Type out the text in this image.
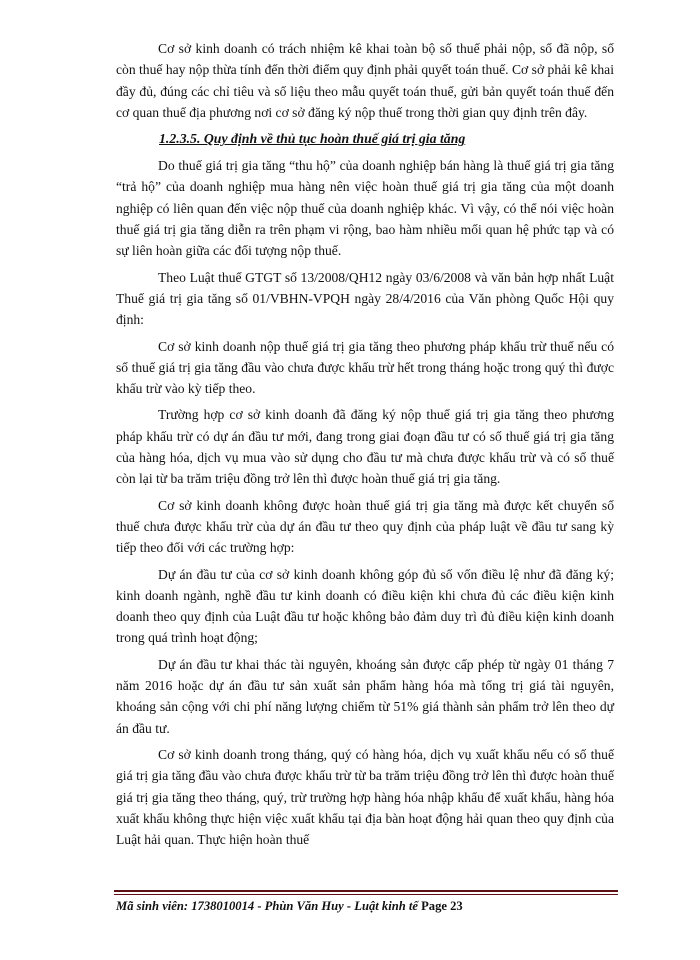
Cơ sở kinh doanh có trách nhiệm kê khai toàn bộ số thuế phải nộp, số đã nộp, số còn thuế hay nộp thừa tính đến thời điểm quy định phải quyết toán thuế. Cơ sở phải kê khai đầy đủ, đúng các chỉ tiêu và số liệu theo mẫu quyết toán thuế, gửi bản quyết toán thuế đến cơ quan thuế địa phương nơi cơ sở đăng ký nộp thuế trong thời gian quy định trên đây.

1.2.3.5. Quy định về thủ tục hoàn thuế giá trị gia tăng

Do thuế giá trị gia tăng “thu hộ” của doanh nghiệp bán hàng là thuế giá trị gia tăng “trả hộ” của doanh nghiệp mua hàng nên việc hoàn thuế giá trị gia tăng của một doanh nghiệp có liên quan đến việc nộp thuế của doanh nghiệp khác. Vì vậy, có thể nói việc hoàn thuế giá trị gia tăng diễn ra trên phạm vi rộng, bao hàm nhiều mối quan hệ phức tạp và có sự liên hoàn giữa các đối tượng nộp thuế.

Theo Luật thuế GTGT số 13/2008/QH12 ngày 03/6/2008 và văn bản hợp nhất Luật Thuế giá trị gia tăng số 01/VBHN-VPQH ngày 28/4/2016 của Văn phòng Quốc Hội quy định:

Cơ sở kinh doanh nộp thuế giá trị gia tăng theo phương pháp khấu trừ thuế nếu có số thuế giá trị gia tăng đầu vào chưa được khấu trừ hết trong tháng hoặc trong quý thì được khấu trừ vào kỳ tiếp theo.

Trường hợp cơ sở kinh doanh đã đăng ký nộp thuế giá trị gia tăng theo phương pháp khấu trừ có dự án đầu tư mới, đang trong giai đoạn đầu tư có số thuế giá trị gia tăng của hàng hóa, dịch vụ mua vào sử dụng cho đầu tư mà chưa được khấu trừ và có số thuế còn lại từ ba trăm triệu đồng trở lên thì được hoàn thuế giá trị gia tăng.

Cơ sở kinh doanh không được hoàn thuế giá trị gia tăng mà được kết chuyển số thuế chưa được khấu trừ của dự án đầu tư theo quy định của pháp luật về đầu tư sang kỳ tiếp theo đối với các trường hợp:

Dự án đầu tư của cơ sở kinh doanh không góp đủ số vốn điều lệ như đã đăng ký; kinh doanh ngành, nghề đầu tư kinh doanh có điều kiện khi chưa đủ các điều kiện kinh doanh theo quy định của Luật đầu tư hoặc không bảo đảm duy trì đủ điều kiện kinh doanh trong quá trình hoạt động;

Dự án đầu tư khai thác tài nguyên, khoáng sản được cấp phép từ ngày 01 tháng 7 năm 2016 hoặc dự án đầu tư sản xuất sản phẩm hàng hóa mà tổng trị giá tài nguyên, khoáng sản cộng với chi phí năng lượng chiếm từ 51% giá thành sản phẩm trở lên theo dự án đầu tư.

Cơ sở kinh doanh trong tháng, quý có hàng hóa, dịch vụ xuất khẩu nếu có số thuế giá trị gia tăng đầu vào chưa được khấu trừ từ ba trăm triệu đồng trở lên thì được hoàn thuế giá trị gia tăng theo tháng, quý, trừ trường hợp hàng hóa nhập khẩu để xuất khẩu, hàng hóa xuất khẩu không thực hiện việc xuất khẩu tại địa bàn hoạt động hải quan theo quy định của Luật hải quan. Thực hiện hoàn thuế

Mã sinh viên: 1738010014 - Phùn Văn Huy - Luật kinh tế Page 23
